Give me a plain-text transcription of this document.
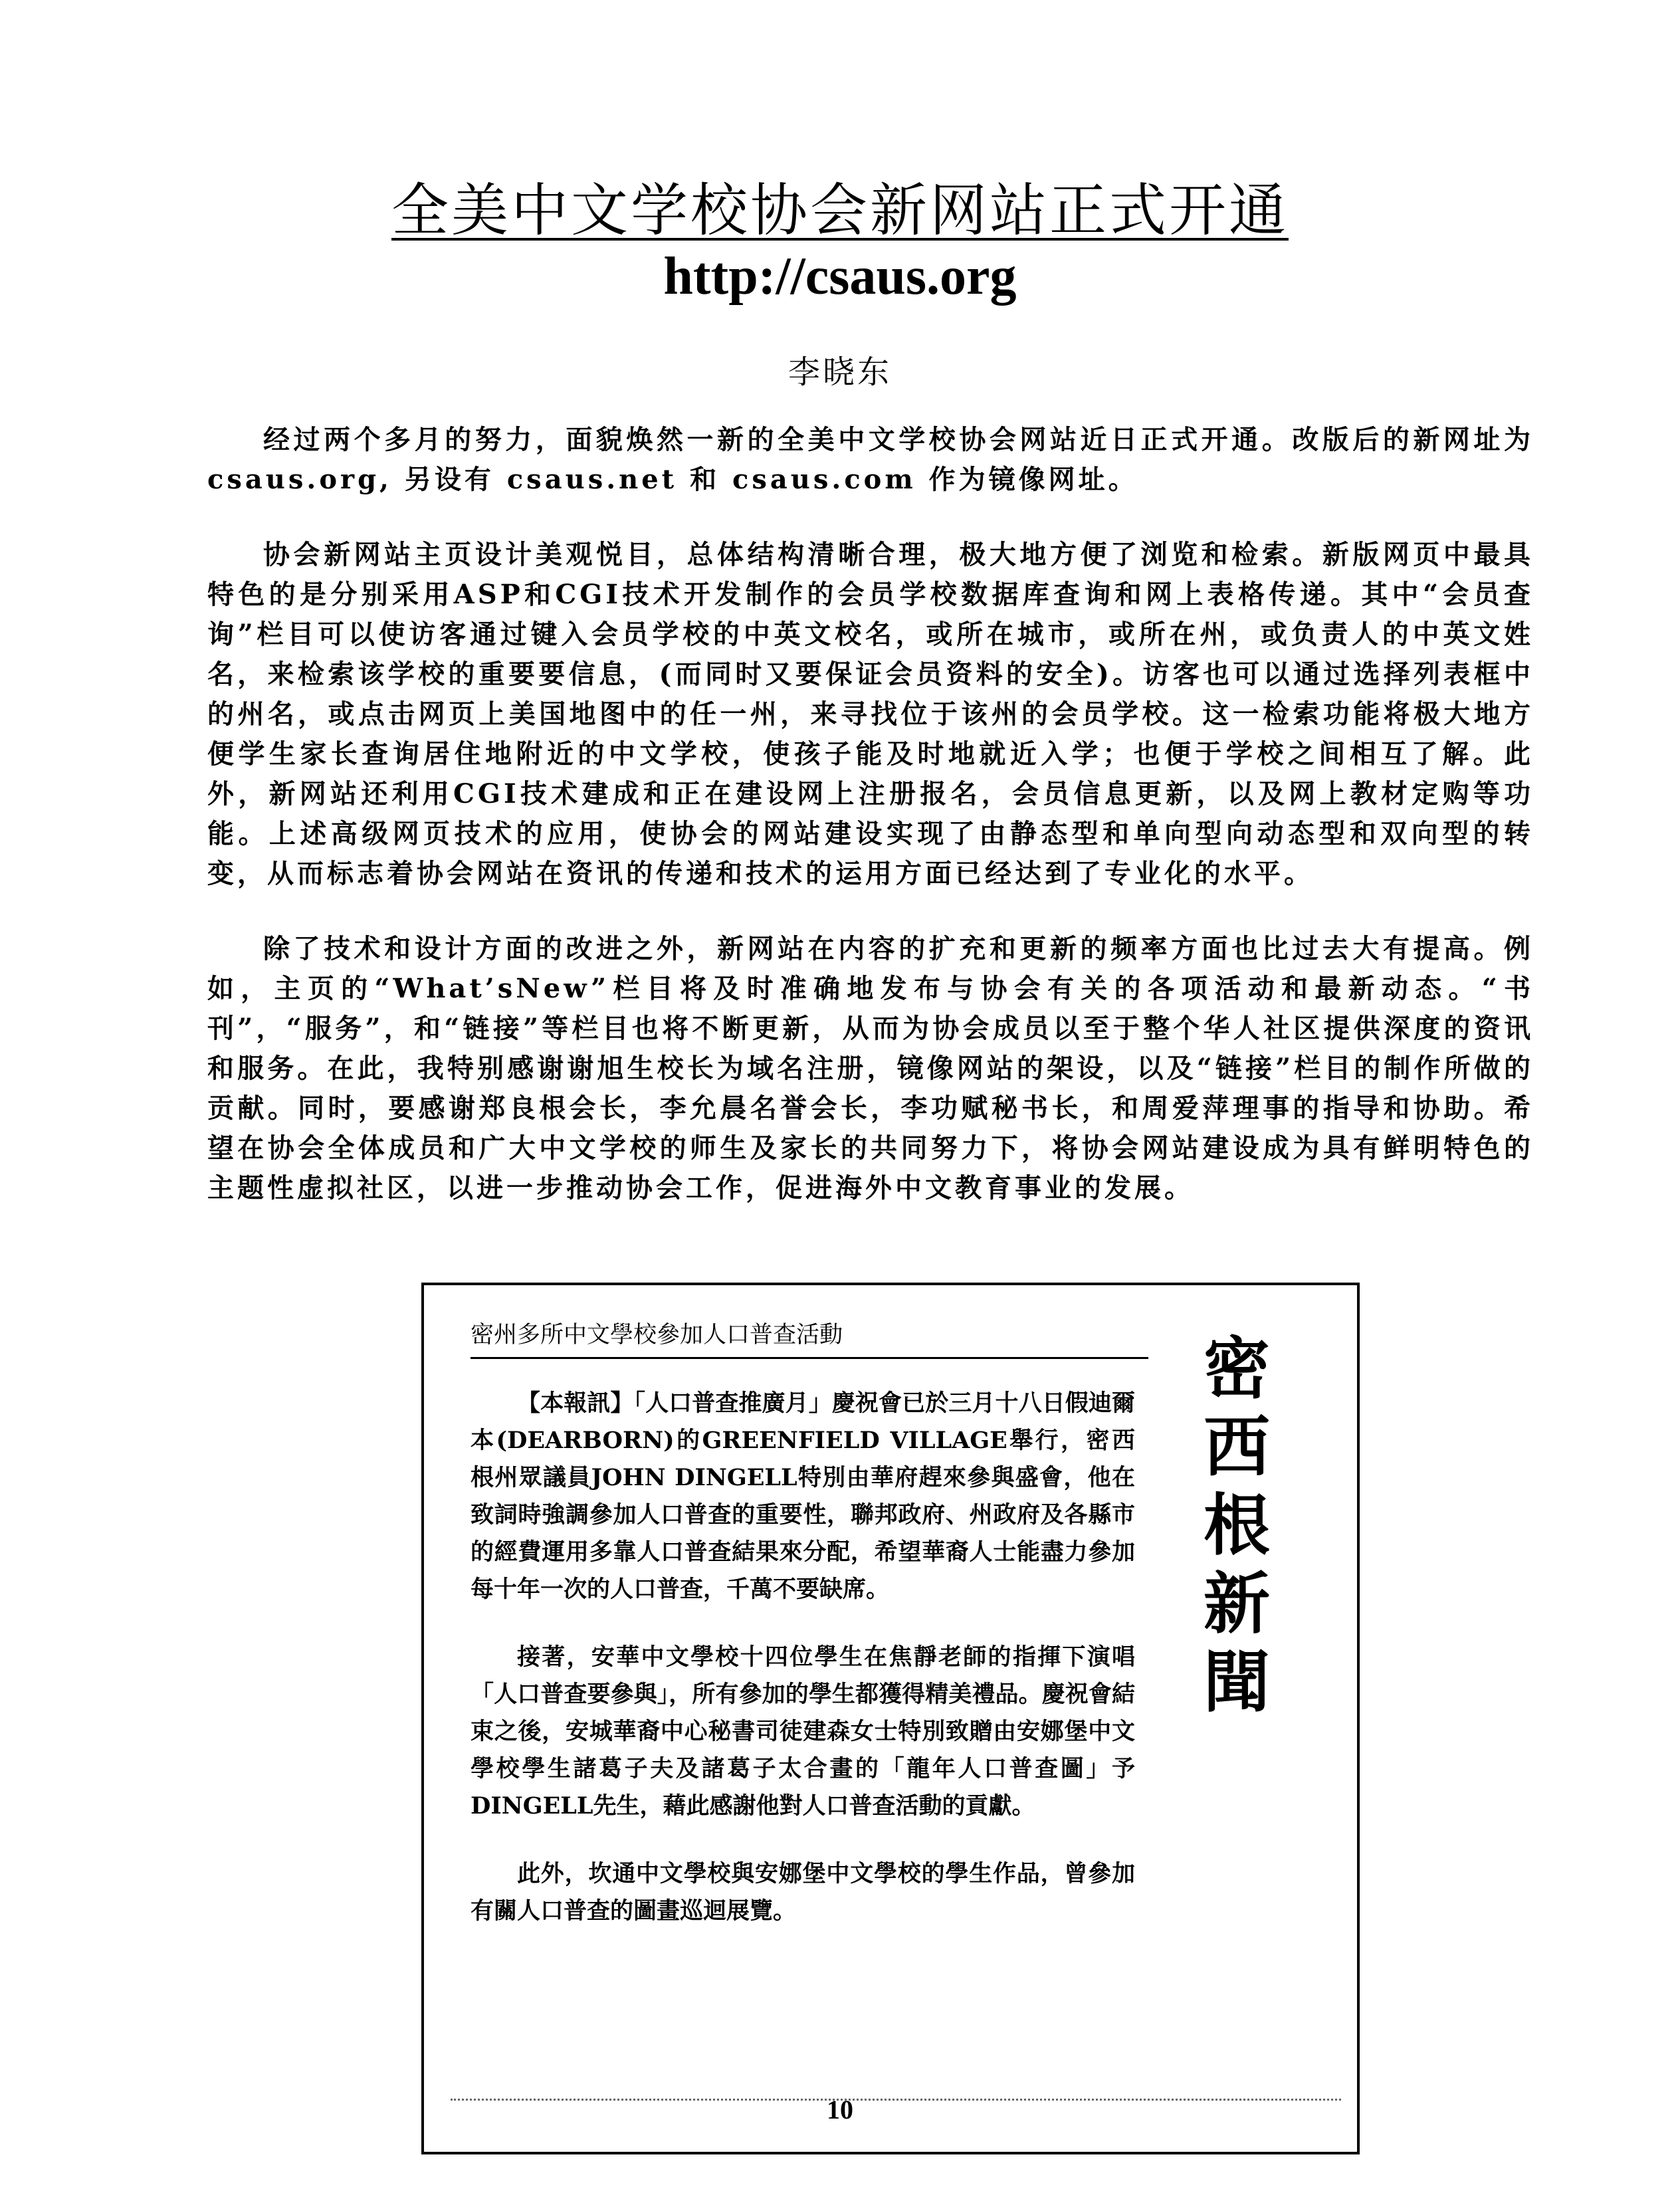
全美中文学校协会新网站正式开通
http://csaus.org
李晓东

经过两个多月的努力，面貌焕然一新的全美中文学校协会网站近日正式开通。改版后的新网址为 csaus.org, 另设有 csaus.net 和 csaus.com 作为镜像网址。

协会新网站主页设计美观悦目，总体结构清晰合理，极大地方便了浏览和检索。新版网页中最具特色的是分别采用ASP和CGI技术开发制作的会员学校数据库查询和网上表格传递。其中“会员查询”栏目可以使访客通过键入会员学校的中英文校名，或所在城市，或所在州，或负责人的中英文姓名，来检索该学校的重要要信息，(而同时又要保证会员资料的安全)。访客也可以通过选择列表框中的州名，或点击网页上美国地图中的任一州，来寻找位于该州的会员学校。这一检索功能将极大地方便学生家长查询居住地附近的中文学校，使孩子能及时地就近入学；也便于学校之间相互了解。此外，新网站还利用CGI技术建成和正在建设网上注册报名，会员信息更新，以及网上教材定购等功能。上述高级网页技术的应用，使协会的网站建设实现了由静态型和单向型向动态型和双向型的转变，从而标志着协会网站在资讯的传递和技术的运用方面已经达到了专业化的水平。

除了技术和设计方面的改进之外，新网站在内容的扩充和更新的频率方面也比过去大有提高。例如，主页的“What’sNew”栏目将及时准确地发布与协会有关的各项活动和最新动态。“书刊”，“服务”，和“链接”等栏目也将不断更新，从而为协会成员以至于整个华人社区提供深度的资讯和服务。在此，我特别感谢谢旭生校长为域名注册，镜像网站的架设，以及“链接”栏目的制作所做的贡献。同时，要感谢郑良根会长，李允晨名誉会长，李功赋秘书长，和周爱萍理事的指导和协助。希望在协会全体成员和广大中文学校的师生及家长的共同努力下，将协会网站建设成为具有鲜明特色的主题性虚拟社区，以进一步推动协会工作，促进海外中文教育事业的发展。

密州多所中文學校參加人口普查活動	密
西
根
新
聞

【本報訊】「人口普查推廣月」慶祝會已於三月十八日假迪爾本(DEARBORN)的GREENFIELD VILLAGE舉行，密西根州眾議員JOHN DINGELL特別由華府趕來參與盛會，他在致詞時強調參加人口普查的重要性，聯邦政府、州政府及各縣市的經費運用多靠人口普查結果來分配，希望華裔人士能盡力參加每十年一次的人口普查，千萬不要缺席。

接著，安華中文學校十四位學生在焦靜老師的指揮下演唱「人口普查要參與」，所有參加的學生都獲得精美禮品。慶祝會結束之後，安城華裔中心秘書司徒建森女士特別致贈由安娜堡中文學校學生諸葛子夫及諸葛子太合畫的「龍年人口普查圖」予DINGELL先生，藉此感謝他對人口普查活動的貢獻。

此外，坎通中文學校與安娜堡中文學校的學生作品，曾參加有關人口普查的圖畫巡迴展覽。

10
